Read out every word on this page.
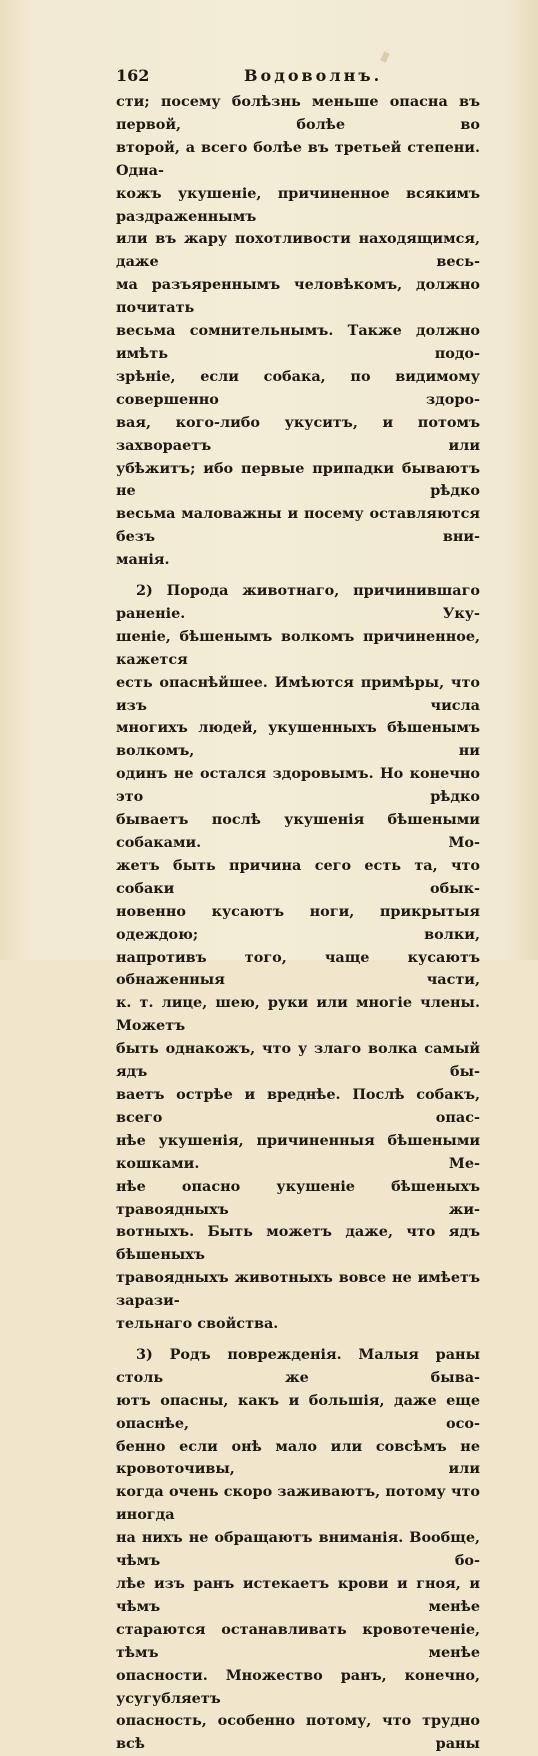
162	Водоволнъ.
сти; посему болѣзнь меньше опасна въ первой, болѣе во
второй, а всего болѣе въ третьей степени. Однa-
кожъ укушеніе, причиненное всякимъ раздраженнымъ
или въ жару похотливости находящимся, даже весь-
ма разъяреннымъ человѣкомъ, должно почитать
весьма сомнительнымъ. Также должно имѣть подо-
зрѣніе, если собака, по видимому совершенно здоро-
вая, кого-либо укуситъ, и потомъ захвораетъ или
убѣжитъ; ибо первые припадки бываютъ не рѣдко
весьма маловажны и посему оставляются безъ вни-
манія.
2) Порода животнаго, причинившаго раненіе. Уку-
шеніе, бѣшенымъ волкомъ причиненное, кажется
есть опаснѣйшее. Имѣются примѣры, что изъ числа
многихъ людей, укушенныхъ бѣшенымъ волкомъ, ни
одинъ не остался здоровымъ. Но конечно это рѣдко
бываетъ послѣ укушенія бѣшеными собаками. Мо-
жетъ быть причина сего есть та, что собаки обык-
новенно кусаютъ ноги, прикрытыя одеждою; волки,
напротивъ того, чаще кусаютъ обнаженныя части,
к. т. лице, шею, руки или многіе члены. Можетъ
быть однакожъ, что у злаго волка самый ядъ бы-
ваетъ острѣе и вреднѣе. Послѣ собакъ, всего опас-
нѣе укушенія, причиненныя бѣшеными кошками. Ме-
нѣе опасно укушеніе бѣшеныхъ травоядныхъ жи-
вотныхъ. Быть можетъ даже, что ядъ бѣшеныхъ
травоядныхъ животныхъ вовсе не имѣетъ зарази-
тельнаго свойства.
3) Родъ поврежденія. Малыя раны столь же быва-
ютъ опасны, какъ и большія, даже еще опаснѣе, осо-
бенно если онѣ мало или совсѣмъ не кровоточивы, или
когда очень скоро заживаютъ, потому что иногда
на нихъ не обращаютъ вниманія. Вообще, чѣмъ бо-
лѣе изъ ранъ истекаетъ крови и гноя, и чѣмъ менѣе
стараются останавливать кровотеченіе, тѣмъ менѣе
опасности. Множество ранъ, конечно, усугубляетъ
опасность, особенно потому, что трудно всѣ раны
